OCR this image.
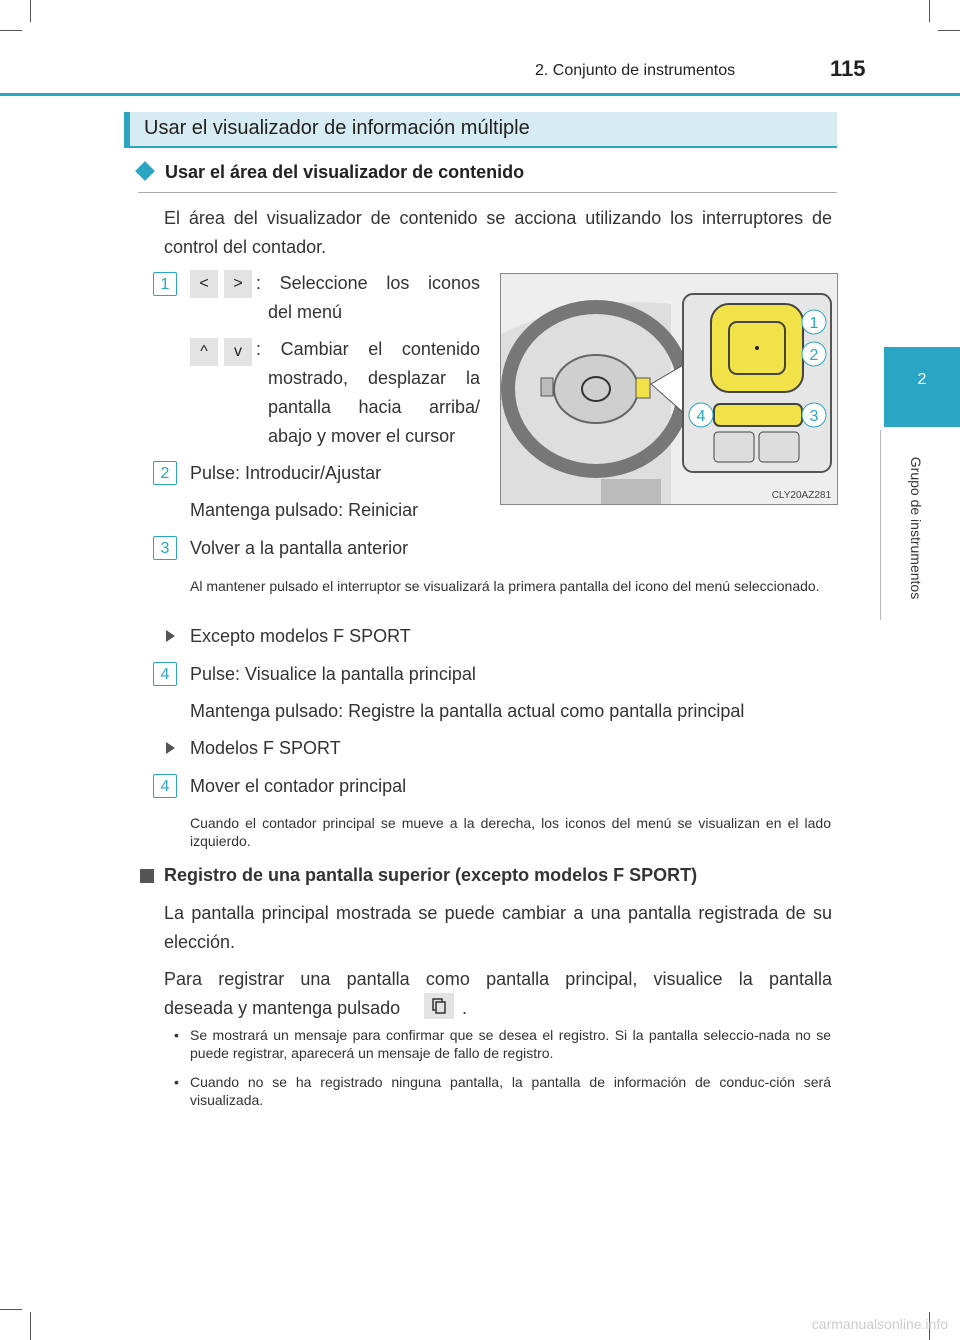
2. Conjunto de instrumentos	115
2
Grupo de instrumentos
Usar el visualizador de información múltiple
Usar el área del visualizador de contenido
El área del visualizador de contenido se acciona utilizando los interruptores de control del contador.
1	<	> : Seleccione los iconos
del menú
^	v : Cambiar el contenido
mostrado, desplazar la
pantalla hacia arriba/
abajo y mover el cursor
1
2
3
4
CLY20AZ281
2	Pulse: Introducir/Ajustar
Mantenga pulsado: Reiniciar
3	Volver a la pantalla anterior
Al mantener pulsado el interruptor se visualizará la primera pantalla del icono del menú seleccionado.
Excepto modelos F SPORT
4	Pulse: Visualice la pantalla principal
Mantenga pulsado: Registre la pantalla actual como pantalla principal
Modelos F SPORT
4	Mover el contador principal
Cuando el contador principal se mueve a la derecha, los iconos del menú se visualizan en el lado izquierdo.
Registro de una pantalla superior (excepto modelos F SPORT)
La pantalla principal mostrada se puede cambiar a una pantalla registrada de su elección.
Para registrar una pantalla como pantalla principal, visualice la pantalla
deseada y mantenga pulsado	.
• Se mostrará un mensaje para confirmar que se desea el registro. Si la pantalla seleccio-nada no se puede registrar, aparecerá un mensaje de fallo de registro.
• Cuando no se ha registrado ninguna pantalla, la pantalla de información de conduc-ción será visualizada.
carmanualsonline.info
